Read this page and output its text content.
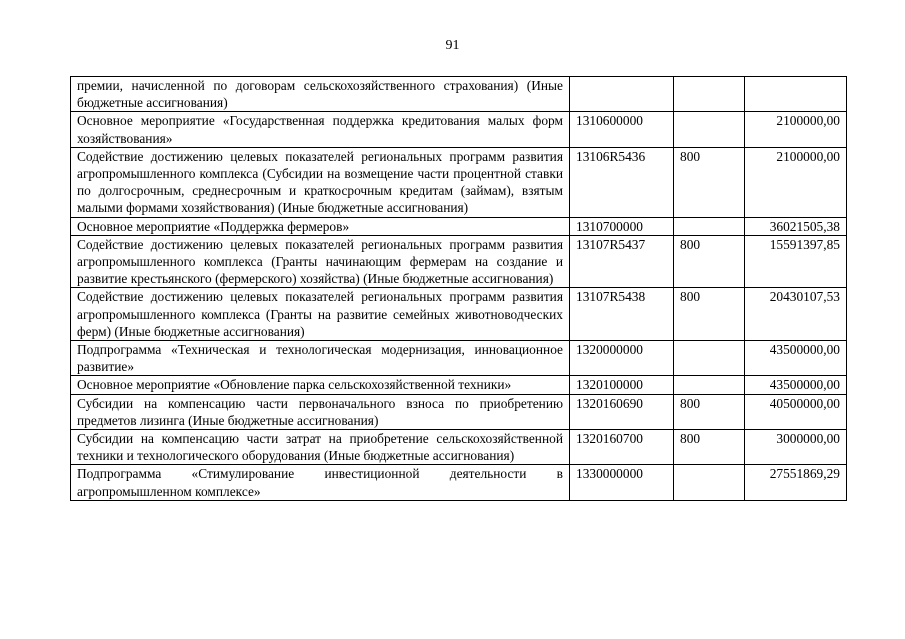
91
премии, начисленной по договорам сельскохозяйственного страхования) (Иные бюджетные ассигнования)			
Основное мероприятие «Государственная поддержка кредитования малых форм хозяйствования»	1310600000		2100000,00
Содействие достижению целевых показателей региональных программ развития агропромышленного комплекса (Субсидии на возмещение части процентной ставки по долгосрочным, среднесрочным и краткосрочным кредитам (займам), взятым малыми формами хозяйствования) (Иные бюджетные ассигнования)	13106R5436	800	2100000,00
Основное мероприятие «Поддержка фермеров»	1310700000		36021505,38
Содействие достижению целевых показателей региональных программ развития агропромышленного комплекса (Гранты начинающим фермерам на создание и развитие крестьянского (фермерского) хозяйства) (Иные бюджетные ассигнования)	13107R5437	800	15591397,85
Содействие достижению целевых показателей региональных программ развития агропромышленного комплекса (Гранты на развитие семейных животноводческих ферм) (Иные бюджетные ассигнования)	13107R5438	800	20430107,53
Подпрограмма «Техническая и технологическая модернизация, инновационное развитие»	1320000000		43500000,00
Основное мероприятие «Обновление парка сельскохозяйственной техники»	1320100000		43500000,00
Субсидии на компенсацию части первоначального взноса по приобретению предметов лизинга (Иные бюджетные ассигнования)	1320160690	800	40500000,00
Субсидии на компенсацию части затрат на приобретение сельскохозяйственной техники и технологического оборудования (Иные бюджетные ассигнования)	1320160700	800	3000000,00
Подпрограмма «Стимулирование инвестиционной деятельности в агропромышленном комплексе»	1330000000		27551869,29
